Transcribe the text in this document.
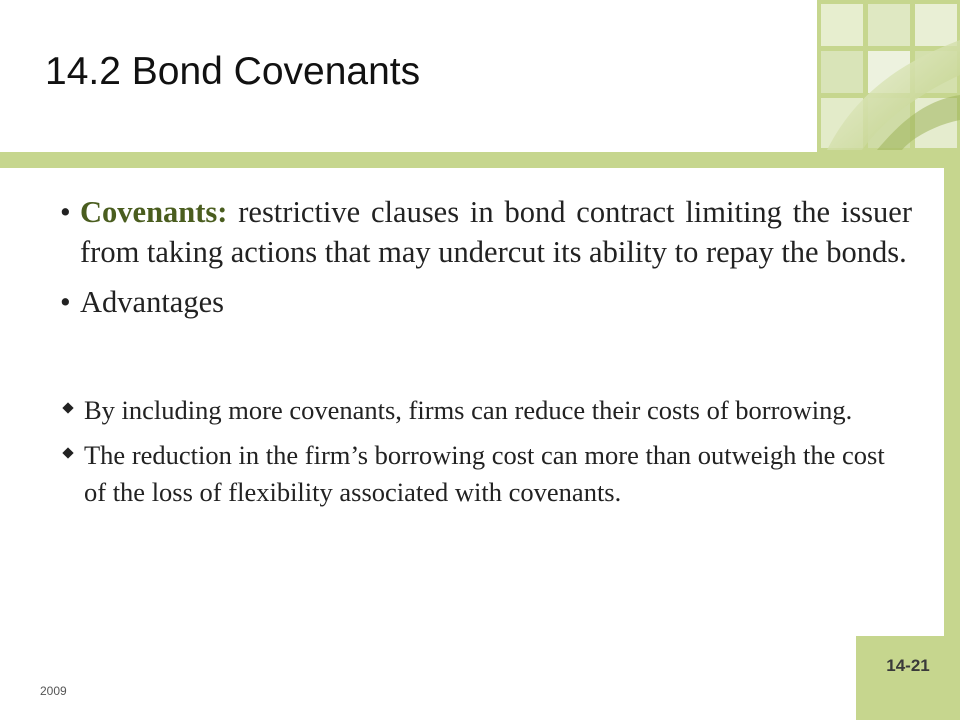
14.2 Bond Covenants
• Covenants: restrictive clauses in bond contract limiting the issuer from taking actions that may undercut its ability to repay the bonds.
• Advantages
By including more covenants, firms can reduce their costs of borrowing.
The reduction in the firm’s borrowing cost can more than outweigh the cost of the loss of flexibility associated with covenants.

2009

14-21
